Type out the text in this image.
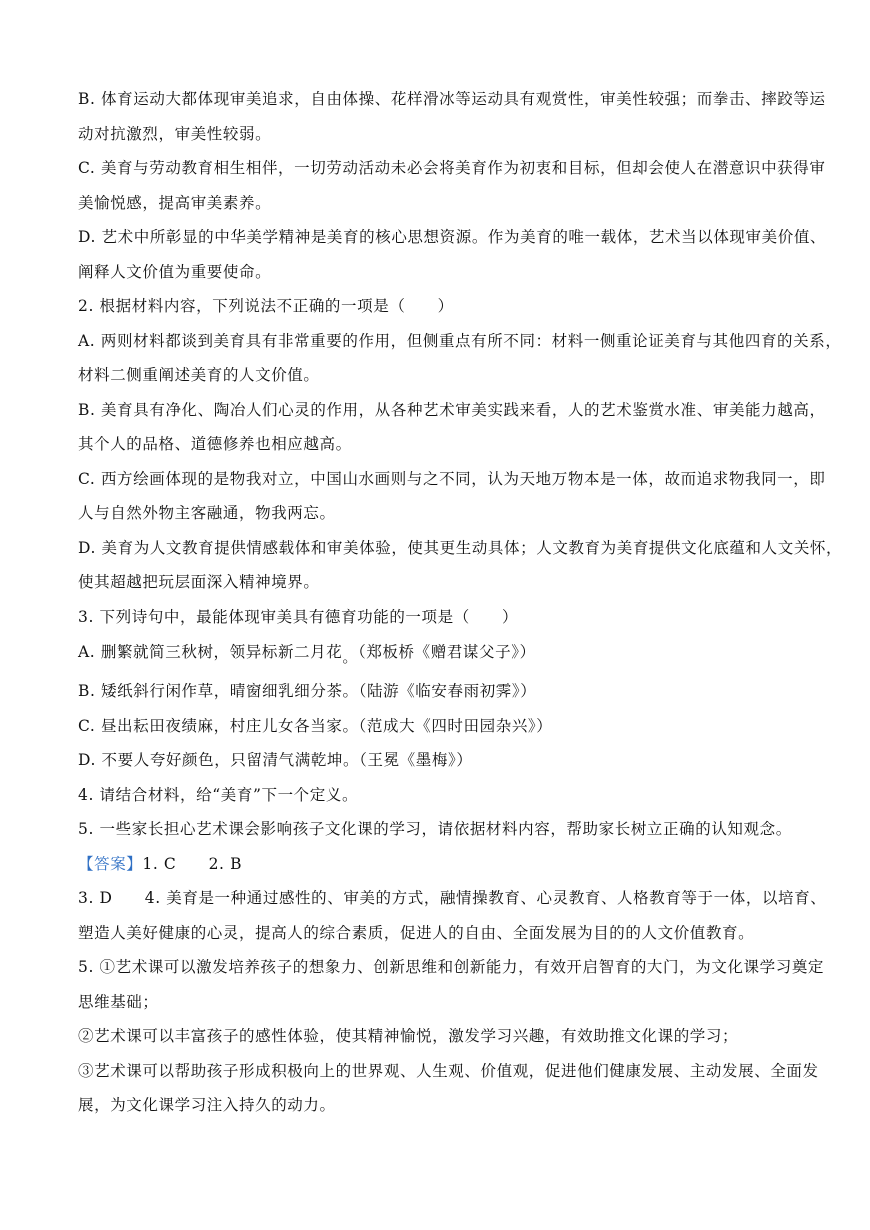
B. 体育运动大都体现审美追求，自由体操、花样滑冰等运动具有观赏性，审美性较强；而拳击、摔跤等运
动对抗激烈，审美性较弱。
C. 美育与劳动教育相生相伴，一切劳动活动未必会将美育作为初衷和目标，但却会使人在潜意识中获得审
美愉悦感，提高审美素养。
D. 艺术中所彰显的中华美学精神是美育的核心思想资源。作为美育的唯一载体，艺术当以体现审美价值、
阐释人文价值为重要使命。
2. 根据材料内容，下列说法不正确的一项是（　　）
A. 两则材料都谈到美育具有非常重要的作用，但侧重点有所不同：材料一侧重论证美育与其他四育的关系，
材料二侧重阐述美育的人文价值。
B. 美育具有净化、陶冶人们心灵的作用，从各种艺术审美实践来看，人的艺术鉴赏水准、审美能力越高，
其个人的品格、道德修养也相应越高。
C. 西方绘画体现的是物我对立，中国山水画则与之不同，认为天地万物本是一体，故而追求物我同一，即
人与自然外物主客融通，物我两忘。
D. 美育为人文教育提供情感载体和审美体验，使其更生动具体；人文教育为美育提供文化底蕴和人文关怀，
使其超越把玩层面深入精神境界。
3. 下列诗句中，最能体现审美具有德育功能的一项是（　　）
A. 删繁就简三秋树，领异标新二月花。（郑板桥《赠君谋父子》）
B. 矮纸斜行闲作草，晴窗细乳细分茶。（陆游《临安春雨初霁》）
C. 昼出耘田夜绩麻，村庄儿女各当家。（范成大《四时田园杂兴》）
D. 不要人夸好颜色，只留清气满乾坤。（王冕《墨梅》）
4. 请结合材料，给“美育”下一个定义。
5. 一些家长担心艺术课会影响孩子文化课的学习，请依据材料内容，帮助家长树立正确的认知观念。
【答案】1. C　　2. B
3. D　　4. 美育是一种通过感性的、审美的方式，融情操教育、心灵教育、人格教育等于一体，以培育、
塑造人美好健康的心灵，提高人的综合素质，促进人的自由、全面发展为目的的人文价值教育。
5. ①艺术课可以激发培养孩子的想象力、创新思维和创新能力，有效开启智育的大门，为文化课学习奠定
思维基础；
②艺术课可以丰富孩子的感性体验，使其精神愉悦，激发学习兴趣，有效助推文化课的学习；
③艺术课可以帮助孩子形成积极向上的世界观、人生观、价值观，促进他们健康发展、主动发展、全面发
展，为文化课学习注入持久的动力。
